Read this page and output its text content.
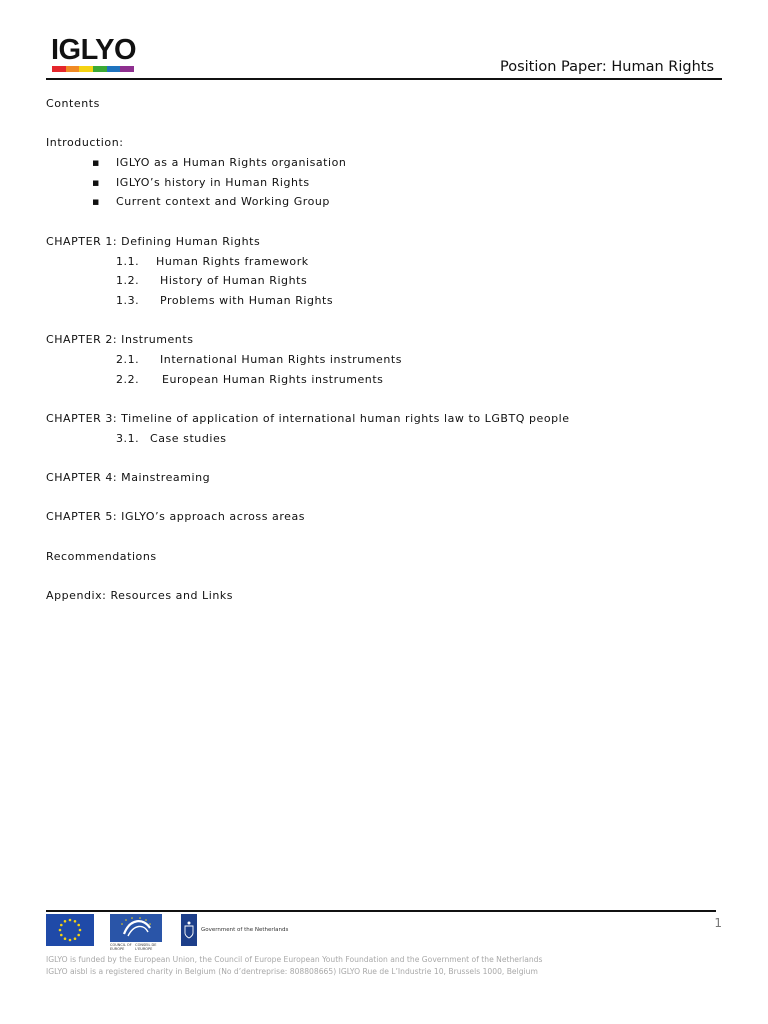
IGLYO
Position Paper: Human Rights
Contents
Introduction:
▪ IGLYO as a Human Rights organisation
▪ IGLYO’s history in Human Rights
▪ Current context and Working Group
CHAPTER 1: Defining Human Rights
1.1. Human Rights framework
1.2. History of Human Rights
1.3. Problems with Human Rights
CHAPTER 2: Instruments
2.1. International Human Rights instruments
2.2. European Human Rights instruments
CHAPTER 3: Timeline of application of international human rights law to LGBTQ people
3.1. Case studies
CHAPTER 4: Mainstreaming
CHAPTER 5: IGLYO’s approach across areas
Recommendations
Appendix: Resources and Links
1
COUNCIL OF EUROPE
CONSEIL DE L'EUROPE
Government of the Netherlands
IGLYO is funded by the European Union, the Council of Europe European Youth Foundation and the Government of the Netherlands
IGLYO aisbl is a registered charity in Belgium (No d’dentreprise: 808808665) IGLYO Rue de L’Industrie 10, Brussels 1000, Belgium
